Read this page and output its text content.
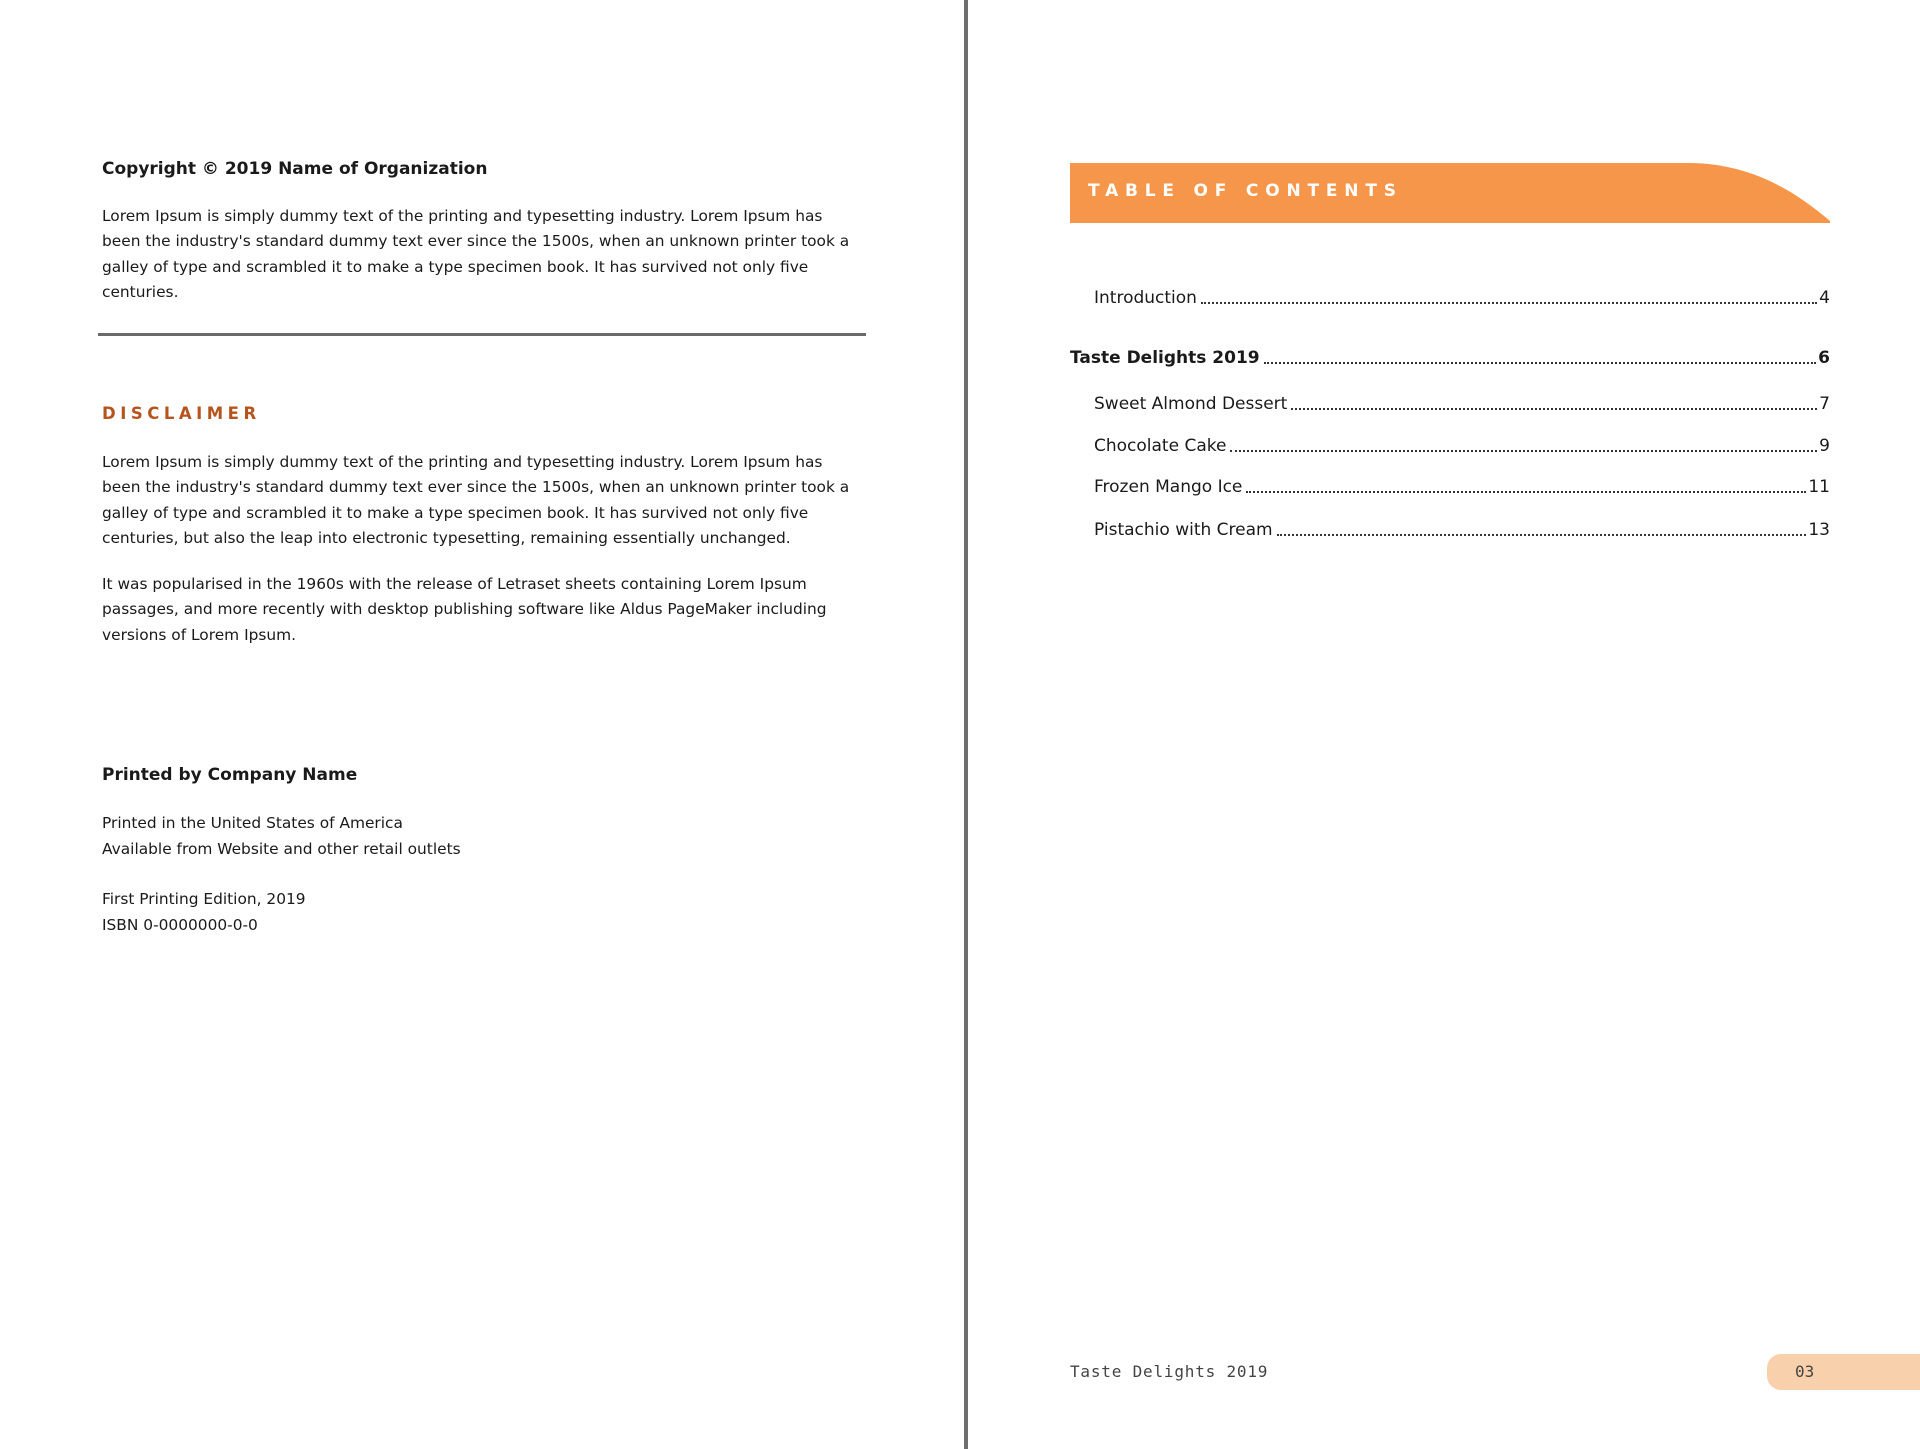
Copyright © 2019 Name of Organization

Lorem Ipsum is simply dummy text of the printing and typesetting industry. Lorem Ipsum has been the industry's standard dummy text ever since the 1500s, when an unknown printer took a galley of type and scrambled it to make a type specimen book. It has survived not only five centuries.

DISCLAIMER

Lorem Ipsum is simply dummy text of the printing and typesetting industry. Lorem Ipsum has been the industry's standard dummy text ever since the 1500s, when an unknown printer took a galley of type and scrambled it to make a type specimen book. It has survived not only five centuries, but also the leap into electronic typesetting, remaining essentially unchanged.

It was popularised in the 1960s with the release of Letraset sheets containing Lorem Ipsum passages, and more recently with desktop publishing software like Aldus PageMaker including versions of Lorem Ipsum.

Printed by Company Name

Printed in the United States of America
Available from Website and other retail outlets
First Printing Edition, 2019
ISBN 0-0000000-0-0
TABLE OF CONTENTS
Introduction	4
Taste Delights 2019	6
Sweet Almond Dessert	7
Chocolate Cake	9
Frozen Mango Ice	11
Pistachio with Cream	13
Taste Delights 2019	03
